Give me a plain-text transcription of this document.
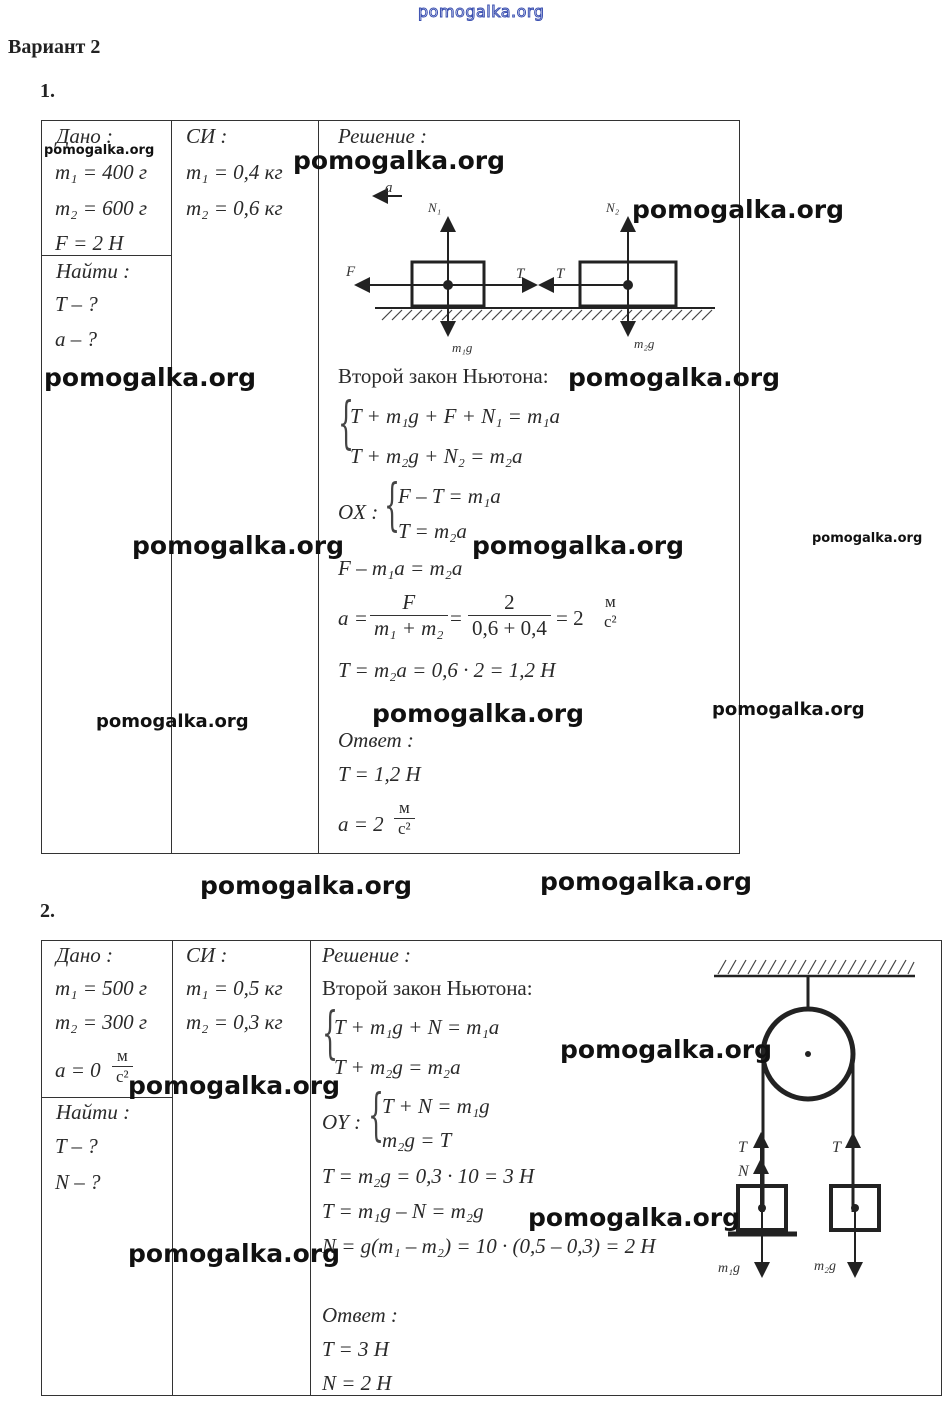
pomogalka.org
Вариант 2
1.
Дано :
m₁ = 400 г
m₂ = 600 г
F = 2 Н
Найти :
T – ?
a – ?
СИ :
m₁ = 0,4 кг
m₂ = 0,6 кг
Решение :
a
N₁	N₂
F	T T
m₁g	m₂g
Второй закон Ньютона:
{
T + m₁g + F + N₁ = m₁a
T + m₂g + N₂ = m₂a
OX : {
F – T = m₁a
T = m₂a
F – m₁a = m₂a
$a = \frac{F}{\text{m₁ + m₂}} = \frac{2}{0,6 + 0,4} = 2$
м
с²
T = m₂a = 0,6 · 2 = 1,2 Н
Ответ :
T = 1,2 Н
$a = 2 \frac{м}{\text{с²}}$
2.
Дано :
m₁ = 500 г
m₂ = 300 г
$a = 0 \frac{м}{\text{с²}}$
Найти :
T – ?
N – ?
СИ :
m₁ = 0,5 кг
m₂ = 0,3 кг
Решение :
Второй закон Ньютона:
{
T + m₁g + N = m₁a
T + m₂g = m₂a
OY : {
T + N = m₁g
m₂g = T
T = m₂g = 0,3 · 10 = 3 Н
T = m₁g – N = m₂g
N = g(m₁ – m₂) = 10 · (0,5 – 0,3) = 2 Н
Ответ :
T = 3 Н
N = 2 Н
T
N
T
m₁g	m₂g
pomogalka.org	pomogalka.org
pomogalka.org
pomogalka.org	pomogalka.org
pomogalka.org	pomogalka.org	pomogalka.org
pomogalka.org	pomogalka.org	pomogalka.org
pomogalka.org	pomogalka.org
pomogalka.org
pomogalka.org
pomogalka.org
pomogalka.org
